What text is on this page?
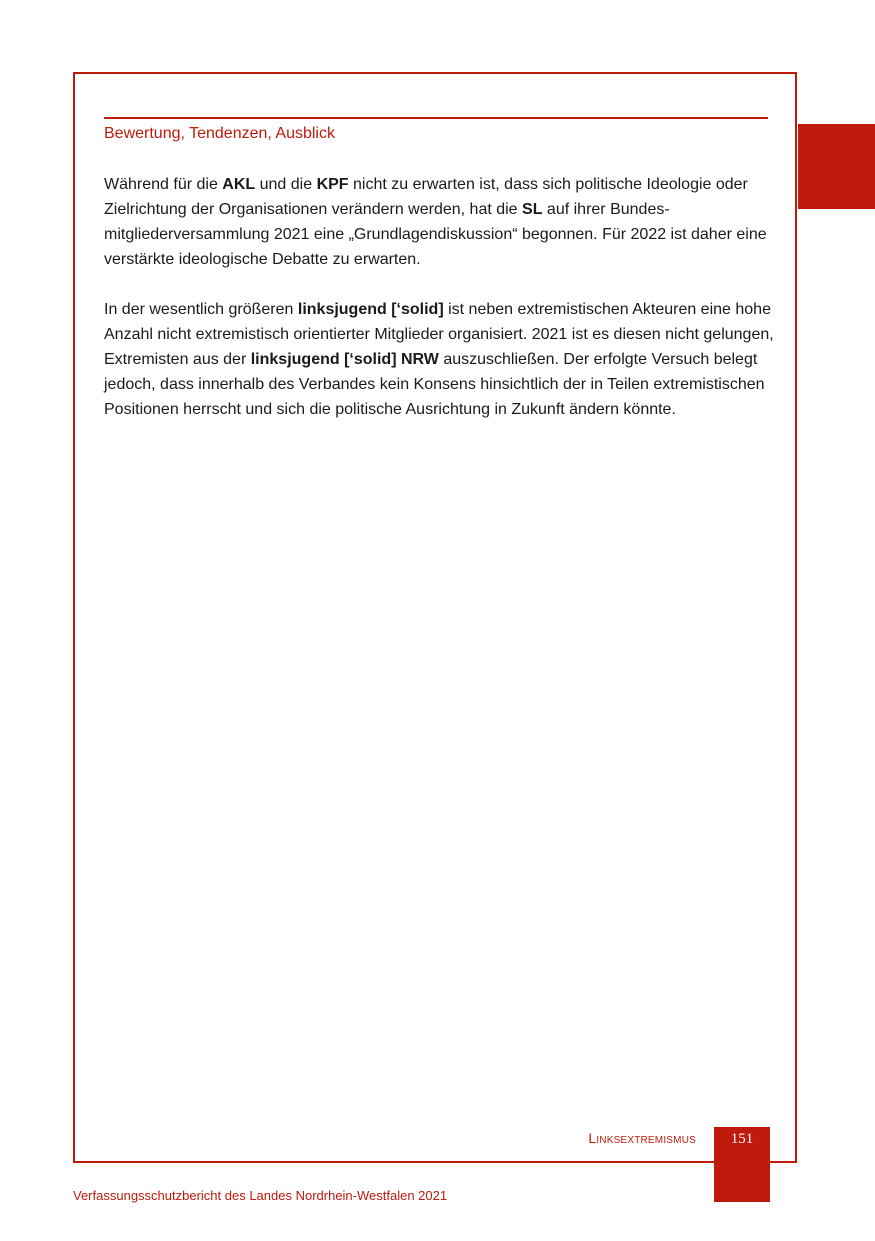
Bewertung, Tendenzen, Ausblick

Während für die AKL und die KPF nicht zu erwarten ist, dass sich politische Ideologie oder Zielrichtung der Organisationen verändern werden, hat die SL auf ihrer Bundesmitgliederversammlung 2021 eine „Grundlagendiskussion“ begonnen. Für 2022 ist daher eine verstärkte ideologische Debatte zu erwarten.

In der wesentlich größeren linksjugend [‘solid] ist neben extremistischen Akteuren eine hohe Anzahl nicht extremistisch orientierter Mitglieder organisiert. 2021 ist es diesen nicht gelungen, Extremisten aus der linksjugend [‘solid] NRW auszuschließen. Der erfolgte Versuch belegt jedoch, dass innerhalb des Verbandes kein Konsens hinsichtlich der in Teilen extremistischen Positionen herrscht und sich die politische Ausrichtung in Zukunft ändern könnte.

Linksextremismus	151

Verfassungsschutzbericht des Landes Nordrhein-Westfalen 2021
